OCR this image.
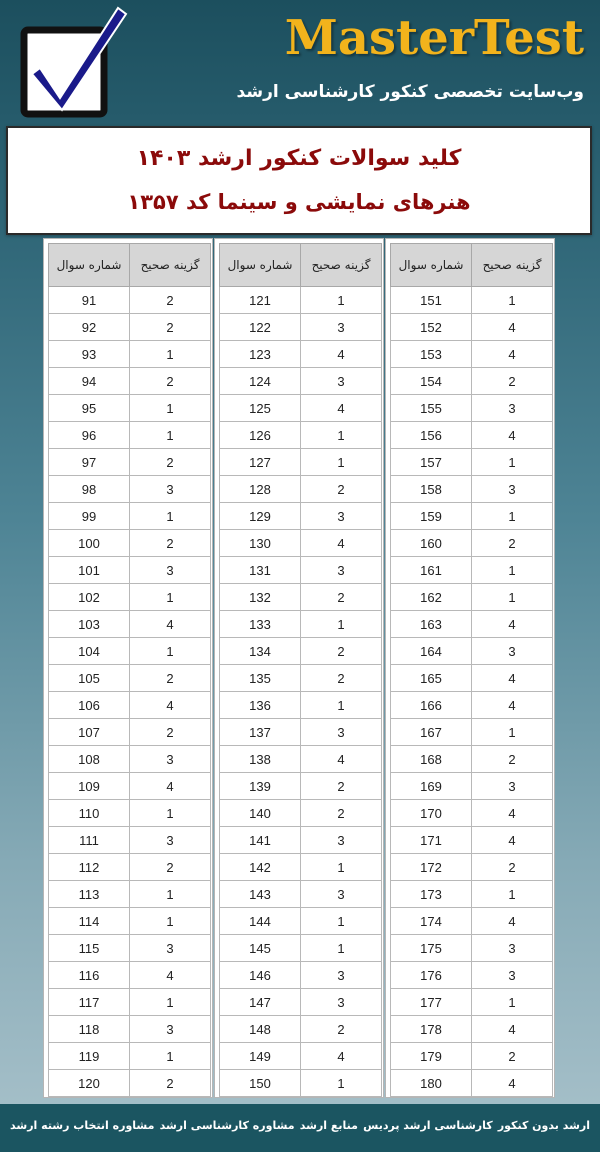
MasterTest
وب‌سایت تخصصی کنکور کارشناسی ارشد
کلید سوالات کنکور ارشد ۱۴۰۳
هنرهای نمایشی و سینما کد ۱۳۵۷
شماره سوال	گزینه صحیح
91	2
92	2
93	1
94	2
95	1
96	1
97	2
98	3
99	1
100	2
101	3
102	1
103	4
104	1
105	2
106	4
107	2
108	3
109	4
110	1
111	3
112	2
113	1
114	1
115	3
116	4
117	1
118	3
119	1
120	2
شماره سوال	گزینه صحیح
121	1
122	3
123	4
124	3
125	4
126	1
127	1
128	2
129	3
130	4
131	3
132	2
133	1
134	2
135	2
136	1
137	3
138	4
139	2
140	2
141	3
142	1
143	3
144	1
145	1
146	3
147	3
148	2
149	4
150	1
شماره سوال	گزینه صحیح
151	1
152	4
153	4
154	2
155	3
156	4
157	1
158	3
159	1
160	2
161	1
162	1
163	4
164	3
165	4
166	4
167	1
168	2
169	3
170	4
171	4
172	2
173	1
174	4
175	3
176	3
177	1
178	4
179	2
180	4
ارشد بدون کنکور
کارشناسی ارشد پردیس
منابع ارشد
مشاوره کارشناسی ارشد
مشاوره انتخاب رشته ارشد
